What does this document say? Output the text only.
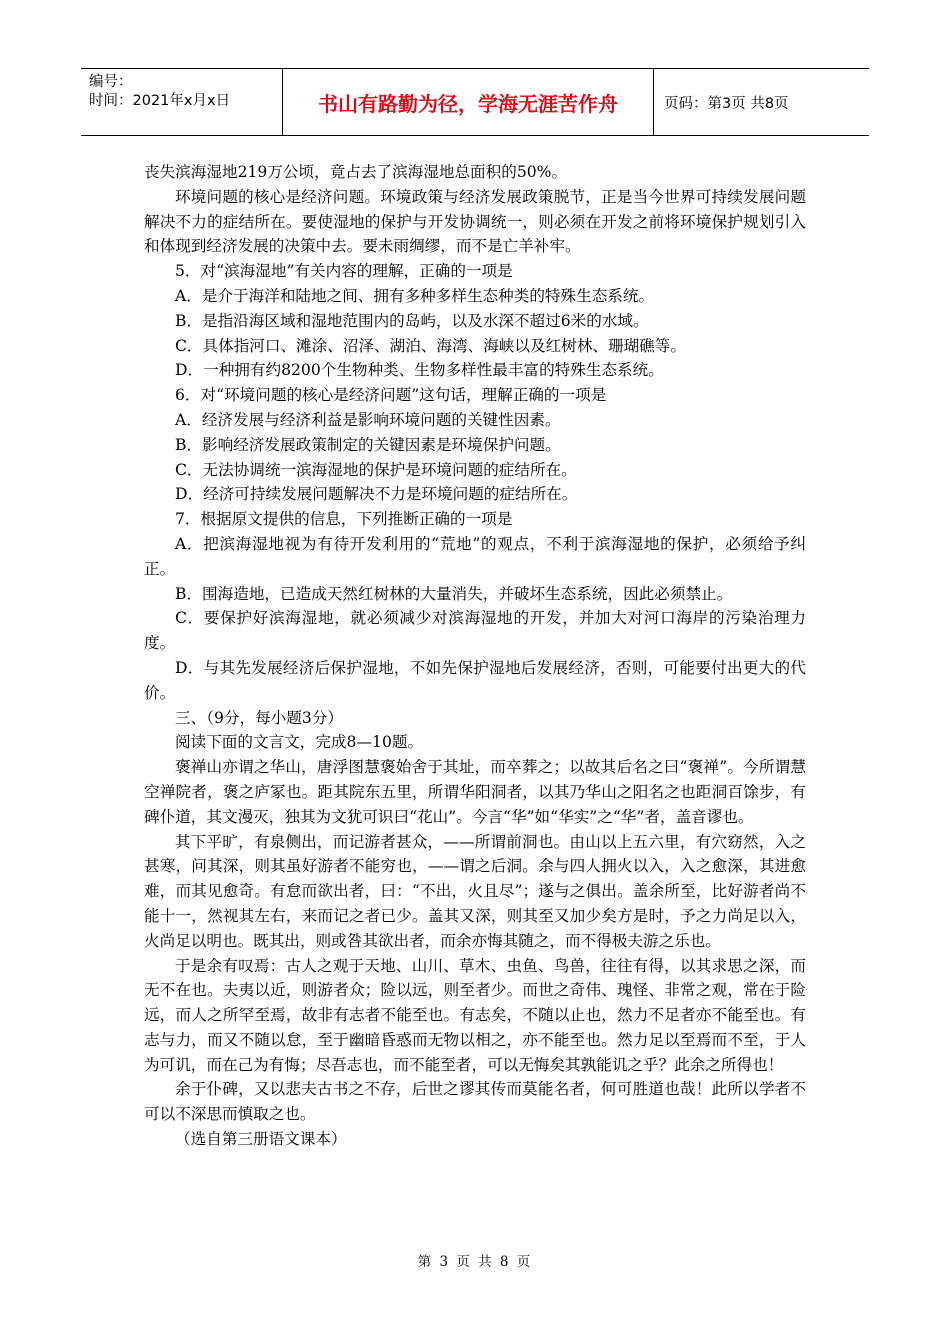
编号：
时间：2021年x月x日	书山有路勤为径，学海无涯苦作舟	页码：第3页 共8页

丧失滨海湿地219万公顷，竟占去了滨海湿地总面积的50%。

环境问题的核心是经济问题。环境政策与经济发展政策脱节，正是当今世界可持续发展问题解决不力的症结所在。要使湿地的保护与开发协调统一，则必须在开发之前将环境保护规划引入和体现到经济发展的决策中去。要未雨绸缪，而不是亡羊补牢。

5．对“滨海湿地”有关内容的理解，正确的一项是

A．是介于海洋和陆地之间、拥有多种多样生态种类的特殊生态系统。

B．是指沿海区域和湿地范围内的岛屿，以及水深不超过6米的水域。

C．具体指河口、滩涂、沼泽、湖泊、海湾、海峡以及红树林、珊瑚礁等。

D．一种拥有约8200个生物种类、生物多样性最丰富的特殊生态系统。

6．对“环境问题的核心是经济问题”这句话，理解正确的一项是

A．经济发展与经济利益是影响环境问题的关键性因素。

B．影响经济发展政策制定的关键因素是环境保护问题。

C．无法协调统一滨海湿地的保护是环境问题的症结所在。

D．经济可持续发展问题解决不力是环境问题的症结所在。

7．根据原文提供的信息，下列推断正确的一项是

A．把滨海湿地视为有待开发利用的“荒地”的观点，不利于滨海湿地的保护，必须给予纠正。

B．围海造地，已造成天然红树林的大量消失，并破坏生态系统，因此必须禁止。

C．要保护好滨海湿地，就必须减少对滨海湿地的开发，并加大对河口海岸的污染治理力度。

D．与其先发展经济后保护湿地，不如先保护湿地后发展经济，否则，可能要付出更大的代价。

三、（9分，每小题3分）

阅读下面的文言文，完成8—10题。

褒禅山亦谓之华山，唐浮图慧褒始舍于其址，而卒葬之；以故其后名之曰“褒禅”。今所谓慧空禅院者，褒之庐冢也。距其院东五里，所谓华阳洞者，以其乃华山之阳名之也距洞百馀步，有碑仆道，其文漫灭，独其为文犹可识曰“花山”。今言“华”如“华实”之“华”者，盖音谬也。

其下平旷，有泉侧出，而记游者甚众，——所谓前洞也。由山以上五六里，有穴窈然，入之甚寒，问其深，则其虽好游者不能穷也，——谓之后洞。余与四人拥火以入，入之愈深，其进愈难，而其见愈奇。有怠而欲出者，曰：“不出，火且尽”；遂与之俱出。盖余所至，比好游者尚不能十一，然视其左右，来而记之者已少。盖其又深，则其至又加少矣方是时，予之力尚足以入，火尚足以明也。既其出，则或咎其欲出者，而余亦悔其随之，而不得极夫游之乐也。

于是余有叹焉：古人之观于天地、山川、草木、虫鱼、鸟兽，往往有得，以其求思之深，而无不在也。夫夷以近，则游者众；险以远，则至者少。而世之奇伟、瑰怪、非常之观，常在于险远，而人之所罕至焉，故非有志者不能至也。有志矣，不随以止也，然力不足者亦不能至也。有志与力，而又不随以怠，至于幽暗昏惑而无物以相之，亦不能至也。然力足以至焉而不至，于人为可讥，而在己为有悔；尽吾志也，而不能至者，可以无悔矣其孰能讥之乎？此余之所得也！

余于仆碑，又以悲夫古书之不存，后世之谬其传而莫能名者，何可胜道也哉！此所以学者不可以不深思而慎取之也。

（选自第三册语文课本）

第 3 页 共 8 页
